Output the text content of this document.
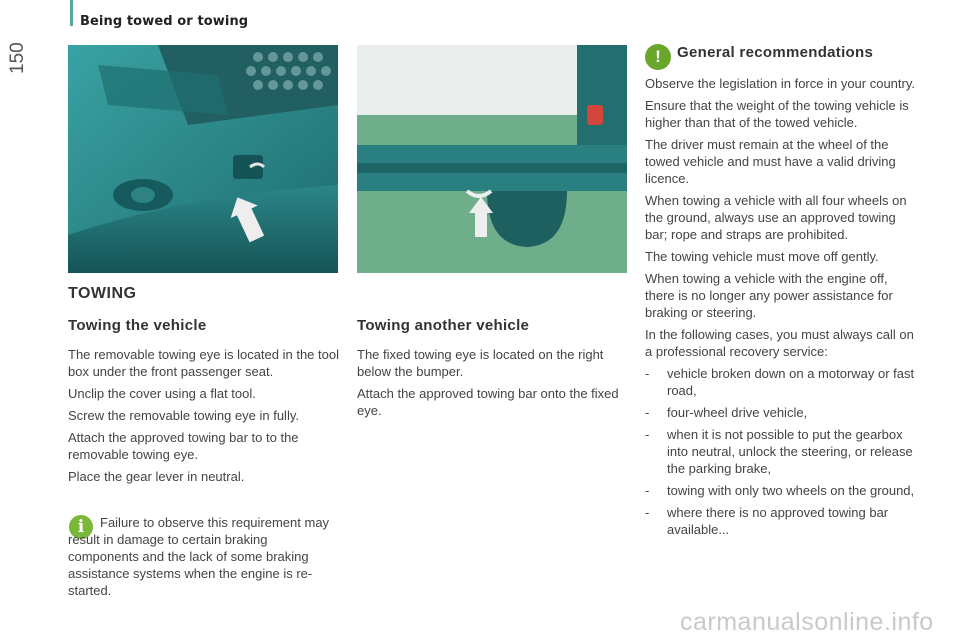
150
Being towed or towing
TOWING
Towing the vehicle

The removable towing eye is located in the tool box under the front passenger seat.

Unclip the cover using a flat tool.

Screw the removable towing eye in fully.

Attach the approved towing bar to to the removable towing eye.

Place the gear lever in neutral.

i	Failure to observe this requirement may result in damage to certain braking components and the lack of some braking assistance systems when the engine is re-started.
Towing another vehicle

The fixed towing eye is located on the right below the bumper.

Attach the approved towing bar onto the fixed eye.

! General recommendations

Observe the legislation in force in your country.

Ensure that the weight of the towing vehicle is higher than that of the towed vehicle.

The driver must remain at the wheel of the towed vehicle and must have a valid driving licence.

When towing a vehicle with all four wheels on the ground, always use an approved towing bar; rope and straps are prohibited.

The towing vehicle must move off gently.

When towing a vehicle with the engine off, there is no longer any power assistance for braking or steering.

In the following cases, you must always call on a professional recovery service:

- vehicle broken down on a motorway or fast road,
- four-wheel drive vehicle,
- when it is not possible to put the gearbox into neutral, unlock the steering, or release the parking brake,
- towing with only two wheels on the ground,
- where there is no approved towing bar available...
carmanualsonline.info
